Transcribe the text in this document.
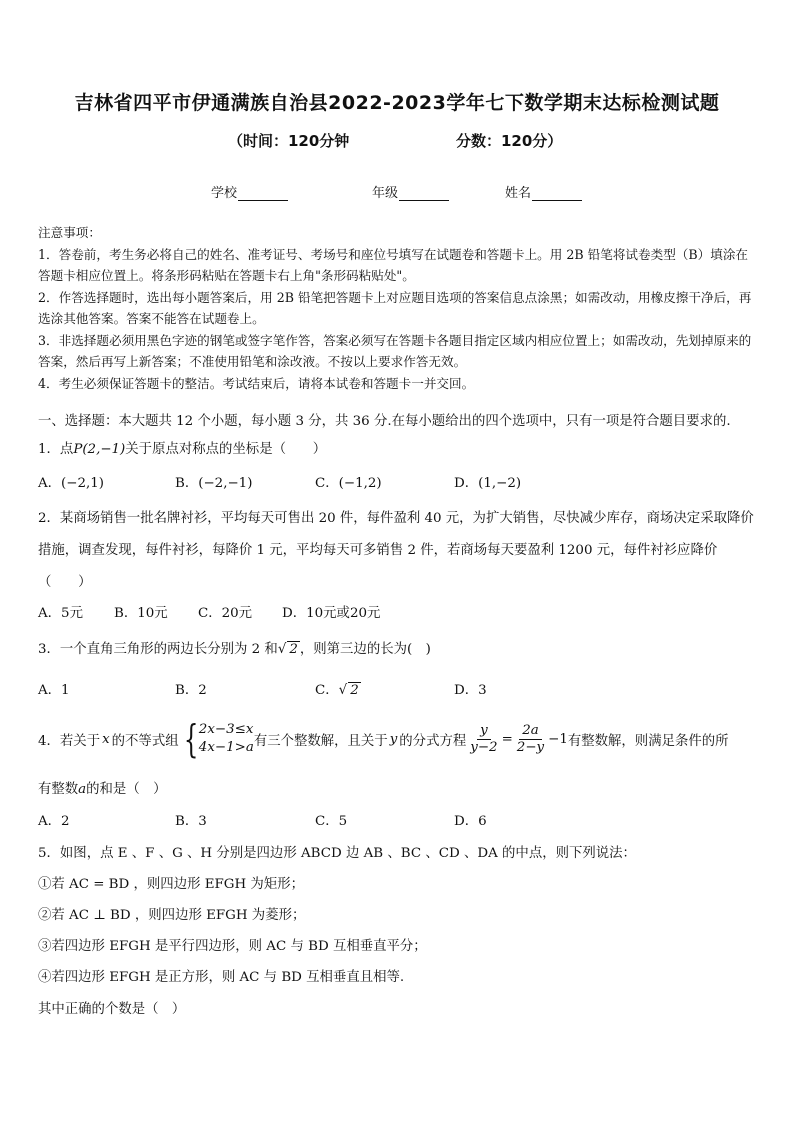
吉林省四平市伊通满族自治县2022-2023学年七下数学期末达标检测试题
（时间：120分钟	分数：120分）
学校	年级	姓名

注意事项：

1．答卷前，考生务必将自己的姓名、准考证号、考场号和座位号填写在试题卷和答题卡上。用 2B 铅笔将试卷类型（B）填涂在答题卡相应位置上。将条形码粘贴在答题卡右上角"条形码粘贴处"。

2．作答选择题时，选出每小题答案后，用 2B 铅笔把答题卡上对应题目选项的答案信息点涂黑；如需改动，用橡皮擦干净后，再选涂其他答案。答案不能答在试题卷上。

3．非选择题必须用黑色字迹的钢笔或签字笔作答，答案必须写在答题卡各题目指定区域内相应位置上；如需改动，先划掉原来的答案，然后再写上新答案；不准使用铅笔和涂改液。不按以上要求作答无效。

4．考生必须保证答题卡的整洁。考试结束后，请将本试卷和答题卡一并交回。

一、选择题：本大题共 12 个小题，每小题 3 分，共 36 分.在每小题给出的四个选项中，只有一项是符合题目要求的.
1．点P(2,−1)关于原点对称点的坐标是（　　）
A．(−2,1)	B．(−2,−1)	C．(−1,2)	D．(1,−2)
2．某商场销售一批名牌衬衫，平均每天可售出 20 件，每件盈利 40 元，为扩大销售，尽快减少库存，商场决定采取降价措施，调查发现，每件衬衫，每降价 1 元，平均每天可多销售 2 件，若商场每天要盈利 1200 元，每件衬衫应降价（　　）
A．5元 B．10元 C．20元 D．10元或20元
3．一个直角三角形的两边长分别为 2 和√ 2 ，则第三边的长为(　)
A．1	B．2	C．√ 2	D．3
4．若关于 x 的不等式组 { 2x−3≤x
4x−1>a 有三个整数解，且关于 y 的分式方程 $\frac{y}{y-2} = \frac{2a}{2-y} -1$ 有整数解，则满足条件的所
有整数a的和是（　）
A．2	B．3	C．5	D．6
5．如图，点 E 、F 、G 、H 分别是四边形 ABCD 边 AB 、BC 、CD 、DA 的中点，则下列说法：
①若 AC = BD ，则四边形 EFGH 为矩形；
②若 AC ⊥ BD ，则四边形 EFGH 为菱形；
③若四边形 EFGH 是平行四边形，则 AC 与 BD 互相垂直平分；
④若四边形 EFGH 是正方形，则 AC 与 BD 互相垂直且相等.
其中正确的个数是（　）
